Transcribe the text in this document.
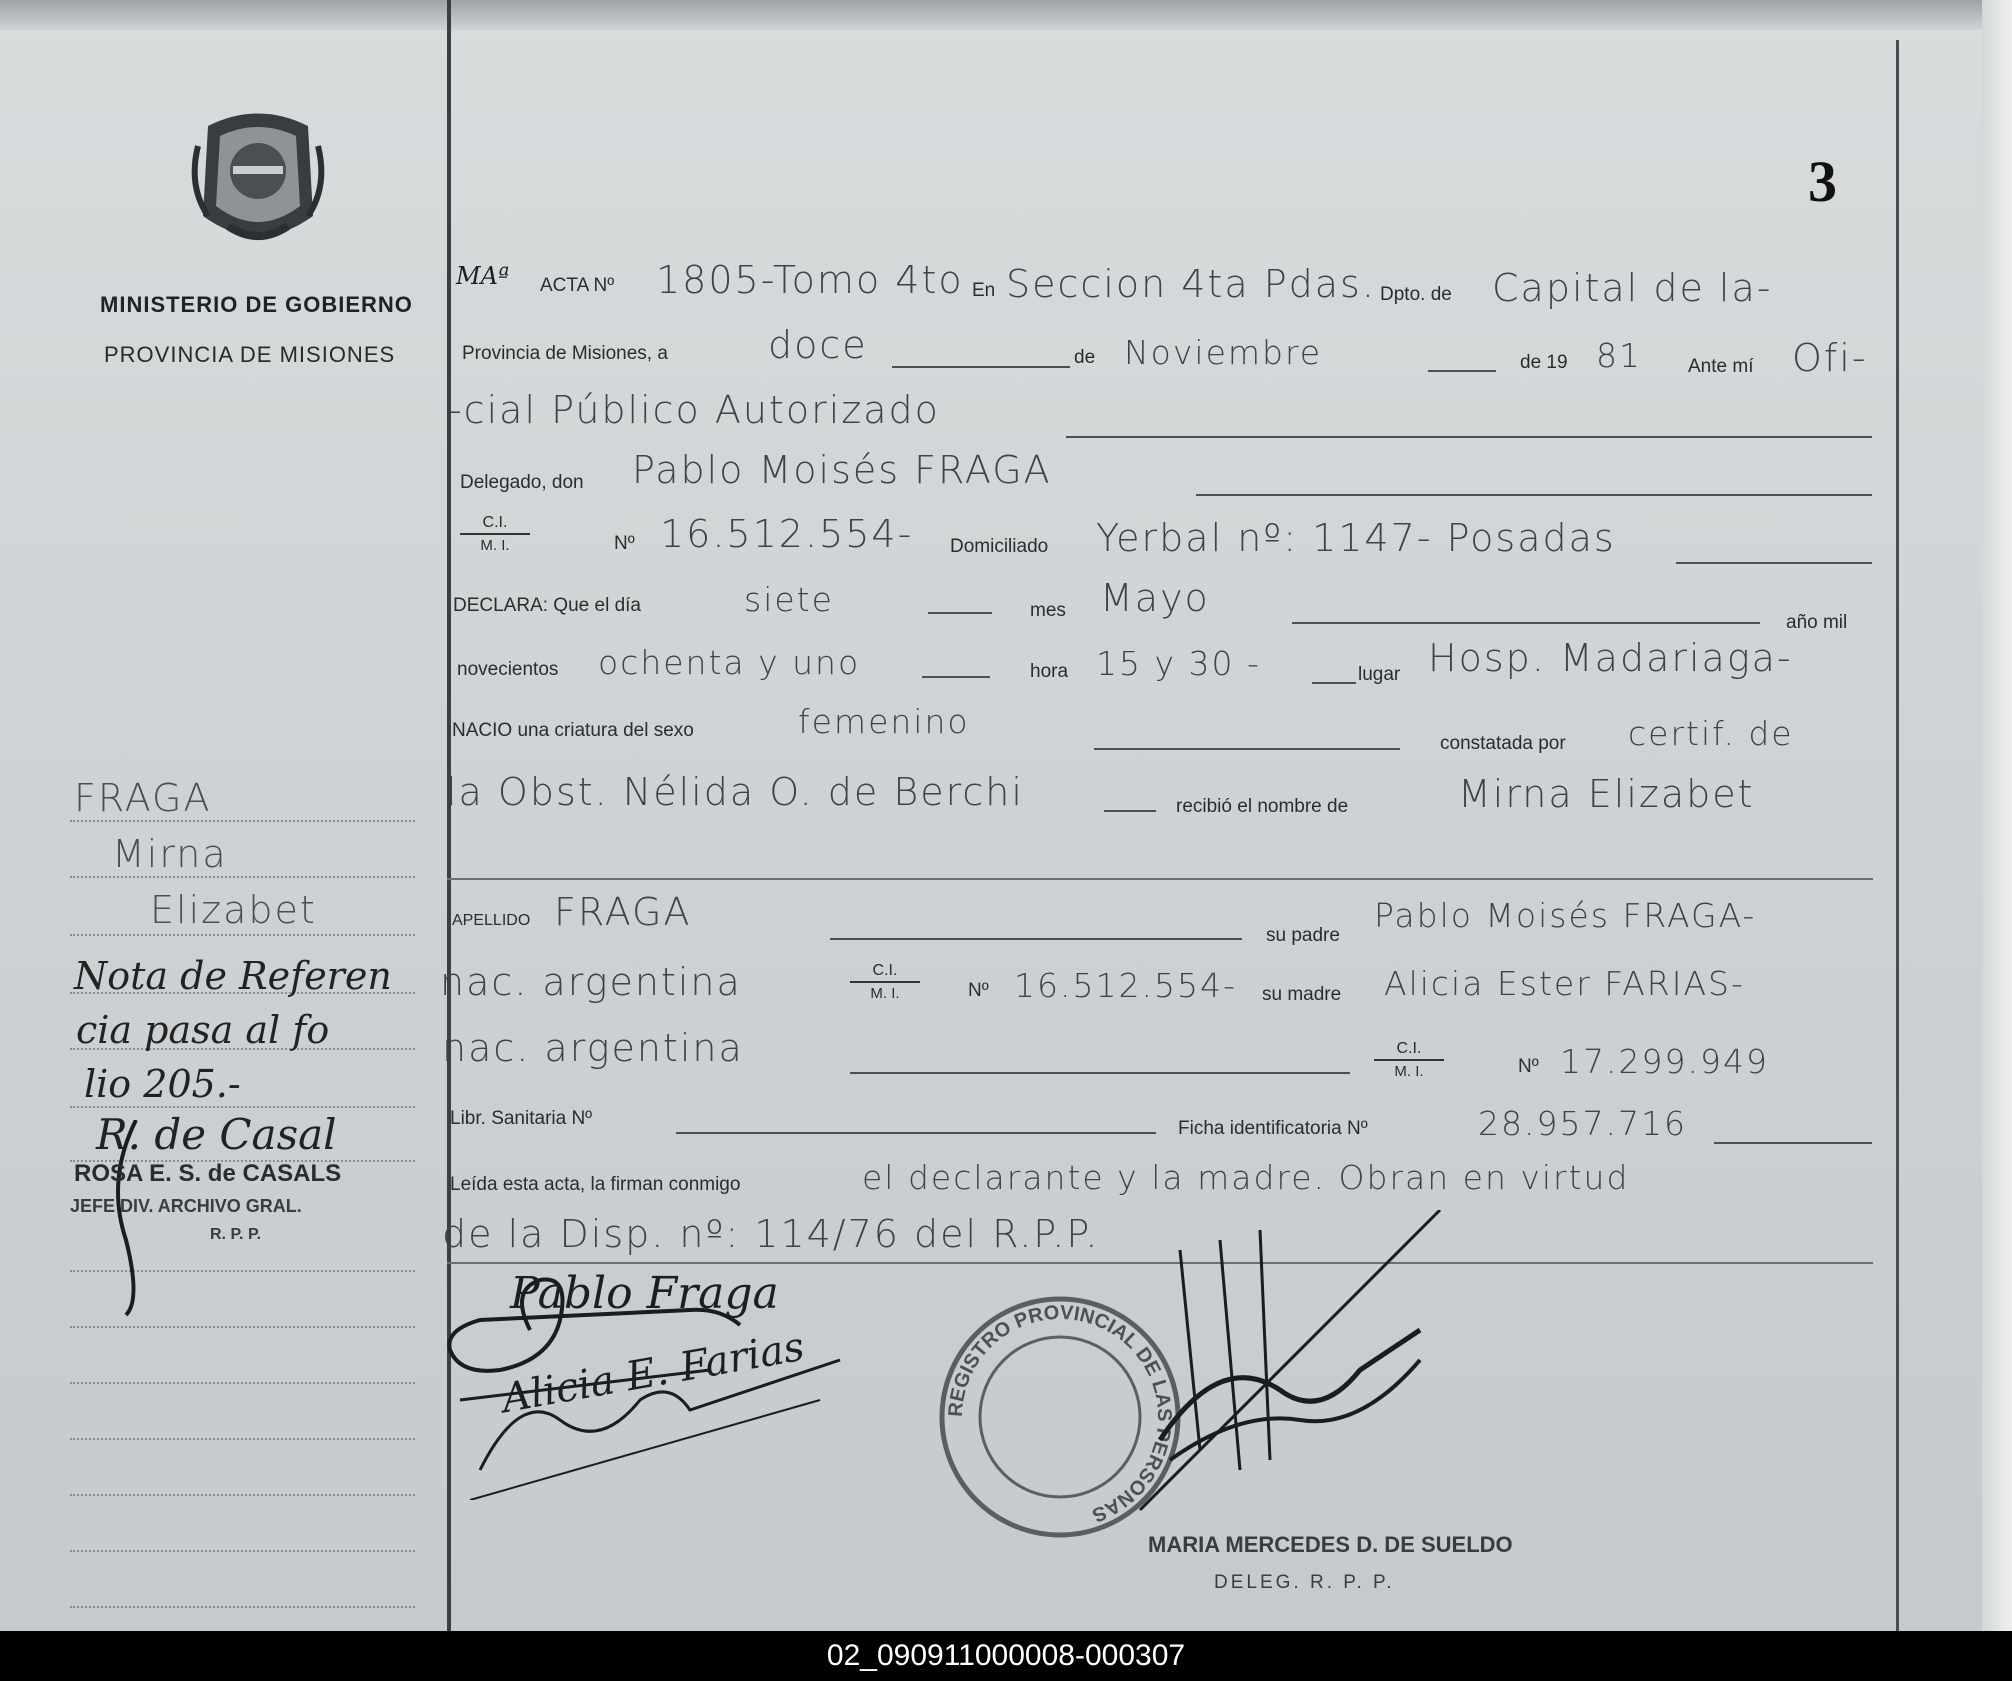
MINISTERIO DE GOBIERNO
PROVINCIA DE MISIONES
3
MAª ACTA Nº 1805-Tomo 4to En Seccion 4ta Pdas. Dpto. de Capital de la-
Provincia de Misiones, a	doce	de Noviembre	de 19 81 Ante mí Ofi-
-cial Público Autorizado
Delegado, don Pablo Moisés FRAGA
$\frac{C.I.}{M. I.}$	Nº 16.512.554- Domiciliado Yerbal nº: 1147- Posadas
DECLARA: Que el día	siete	mes Mayo
año mil
novecientos ochenta y uno	hora 15 y 30 -	lugar Hosp. Madariaga-
NACIO una criatura del sexo	femenino
constatada por certif. de
la Obst. Nélida O. de Berchi	recibió el nombre de	Mirna Elizabet
APELLIDO FRAGA
su padre
Pablo Moisés FRAGA-
nac. argentina	$\frac{C.I.}{M. I.}$	Nº 16.512.554- su madre Alicia Ester FARIAS-
nac. argentina	$\frac{C.I.}{M. I.}$	Nº 17.299.949
Libr. Sanitaria Nº	Ficha identificatoria Nº	28.957.716
Leída esta acta, la firman conmigo	el declarante y la madre. Obran en virtud
de la Disp. nº: 114/76 del R.P.P.
Pablo Fraga
Alicia E. Farias	REGISTRO PROVINCIAL DE LAS PERSONAS
MARIA MERCEDES D. DE SUELDO
DELEG. R. P. P.
FRAGA
Mirna
Elizabet
Nota de Referen
cia pasa al fo
lio 205.-
R. de Casal
ROSA E. S. de CASALS
JEFE DIV. ARCHIVO GRAL.
R. P. P.
02_090911000008-000307
